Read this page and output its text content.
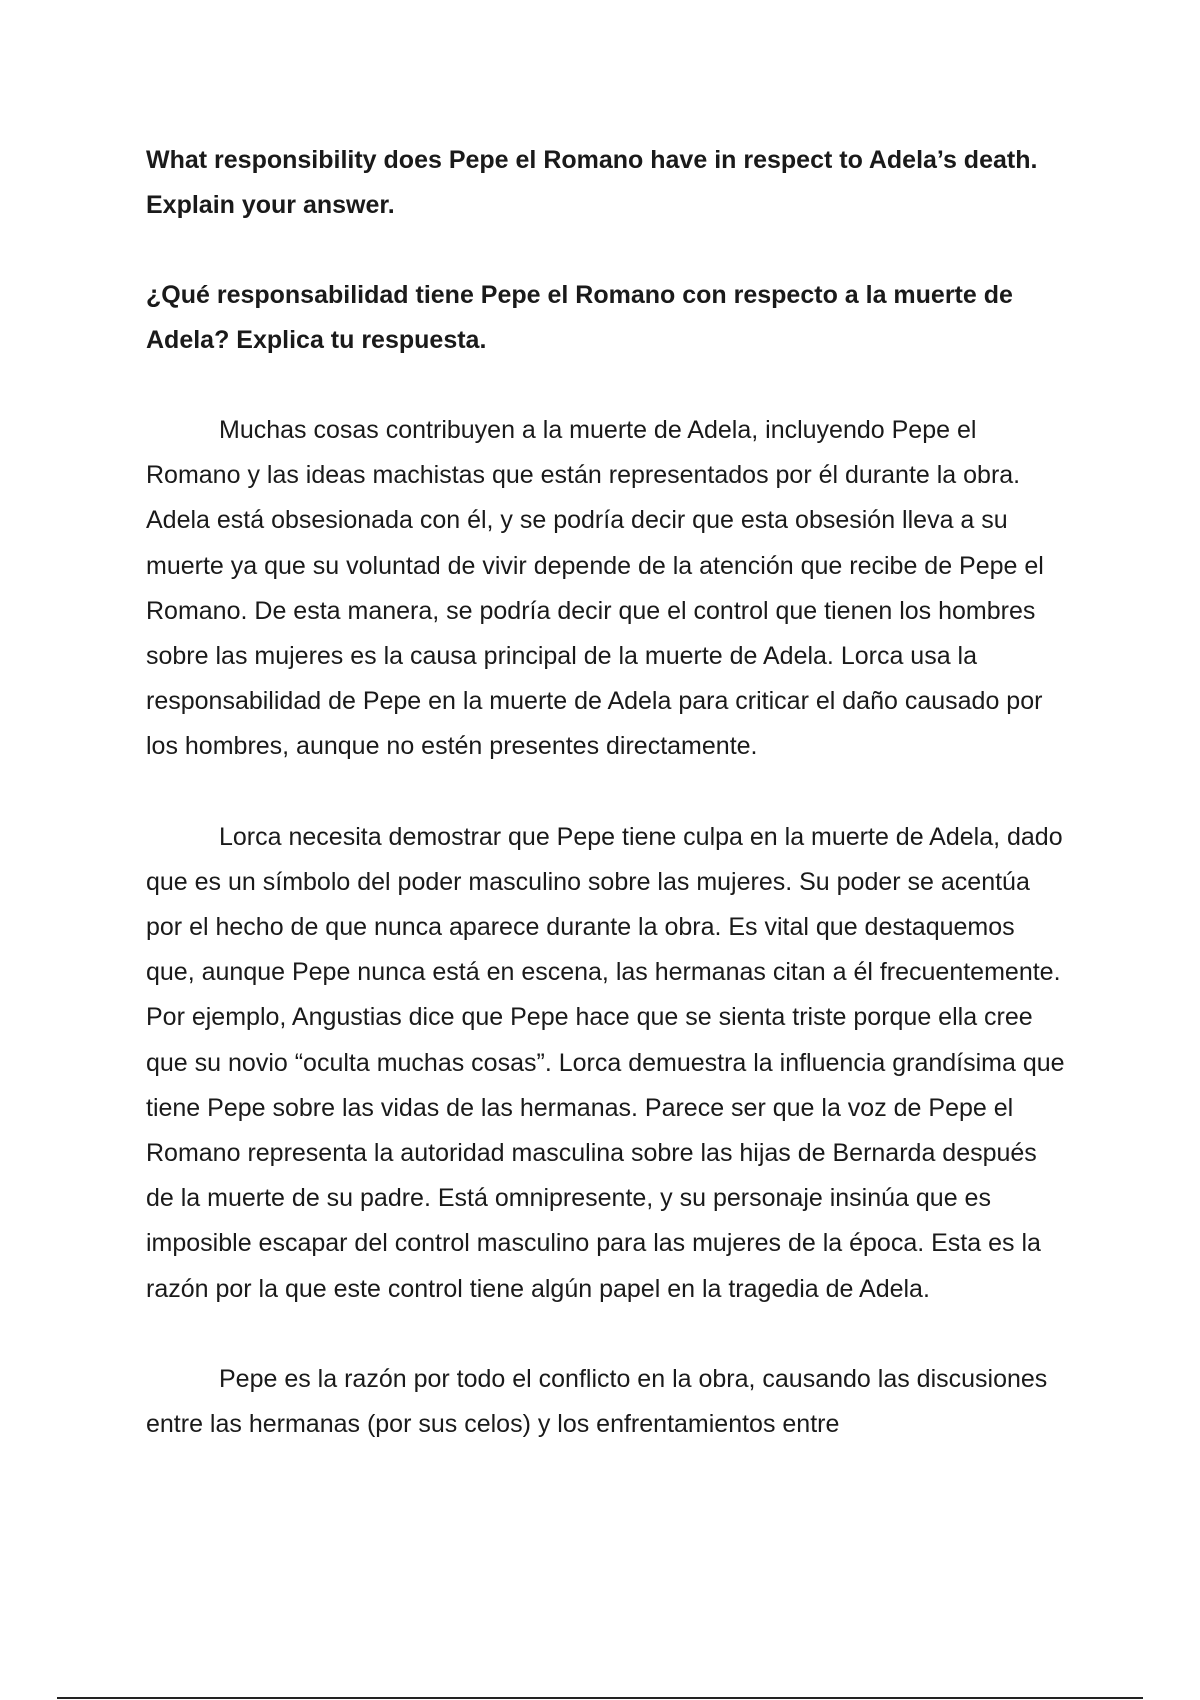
What responsibility does Pepe el Romano have in respect to Adela’s death. Explain your answer.

¿Qué responsabilidad tiene Pepe el Romano con respecto a la muerte de Adela? Explica tu respuesta.

Muchas cosas contribuyen a la muerte de Adela, incluyendo Pepe el Romano y las ideas machistas que están representados por él durante la obra. Adela está obsesionada con él, y se podría decir que esta obsesión lleva a su muerte ya que su voluntad de vivir depende de la atención que recibe de Pepe el Romano. De esta manera, se podría decir que el control que tienen los hombres sobre las mujeres es la causa principal de la muerte de Adela. Lorca usa la responsabilidad de Pepe en la muerte de Adela para criticar el daño causado por los hombres, aunque no estén presentes directamente.

Lorca necesita demostrar que Pepe tiene culpa en la muerte de Adela, dado que es un símbolo del poder masculino sobre las mujeres. Su poder se acentúa por el hecho de que nunca aparece durante la obra. Es vital que destaquemos que, aunque Pepe nunca está en escena, las hermanas citan a él frecuentemente. Por ejemplo, Angustias dice que Pepe hace que se sienta triste porque ella cree que su novio “oculta muchas cosas”. Lorca demuestra la influencia grandísima que tiene Pepe sobre las vidas de las hermanas. Parece ser que la voz de Pepe el Romano representa la autoridad masculina sobre las hijas de Bernarda después de la muerte de su padre. Está omnipresente, y su personaje insinúa que es imposible escapar del control masculino para las mujeres de la época. Esta es la razón por la que este control tiene algún papel en la tragedia de Adela.

Pepe es la razón por todo el conflicto en la obra, causando las discusiones entre las hermanas (por sus celos) y los enfrentamientos entre
